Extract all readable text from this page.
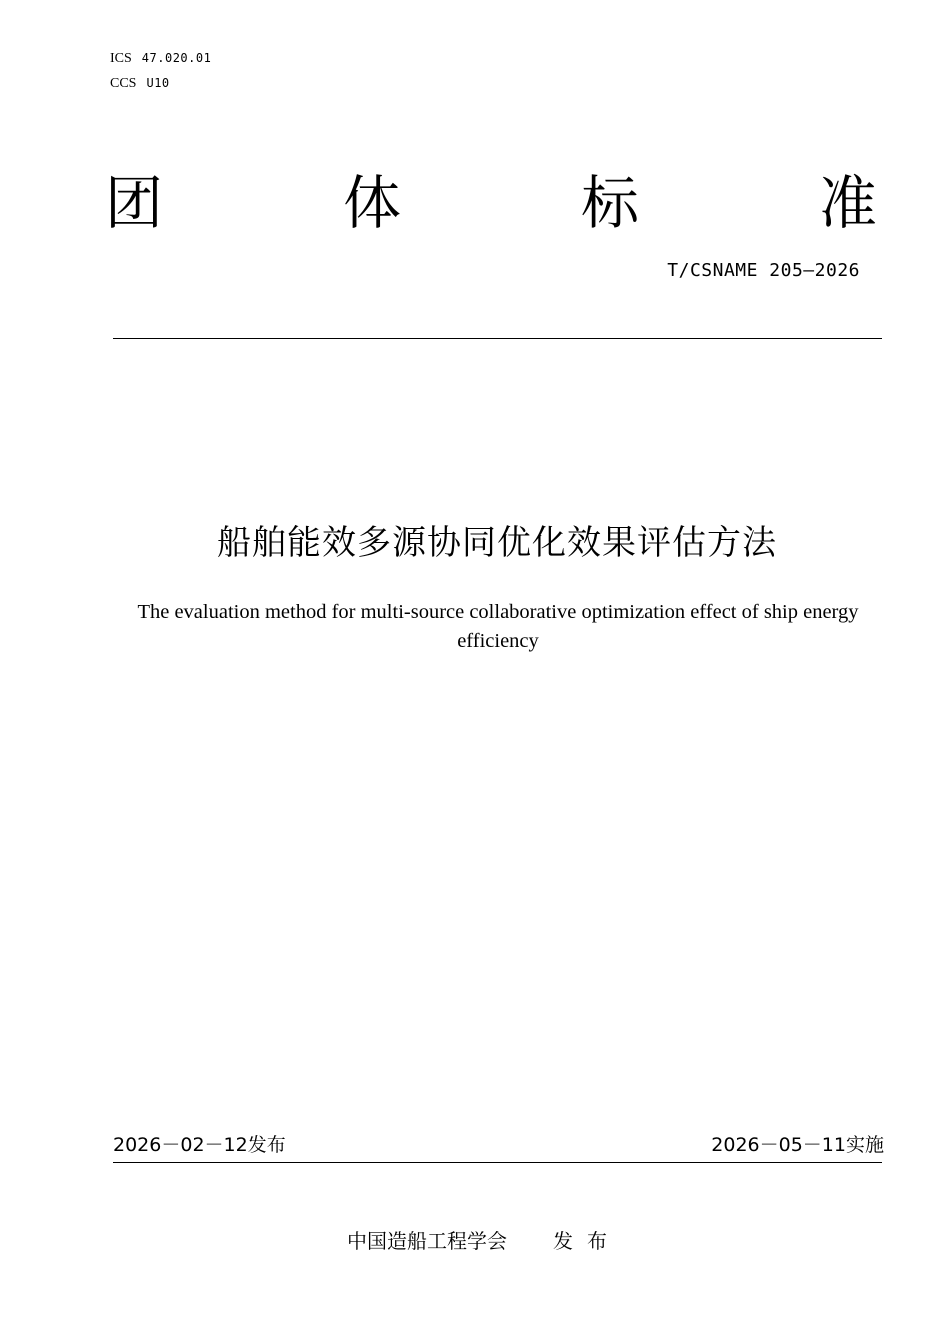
ICS 47.020.01
CCS U10
团	体	标	准
T/CSNAME 205—2026
船舶能效多源协同优化效果评估方法
The evaluation method for multi-source collaborative optimization effect of ship energy efficiency
2026－02－12发布	2026－05－11实施
中国造船工程学会 发布
